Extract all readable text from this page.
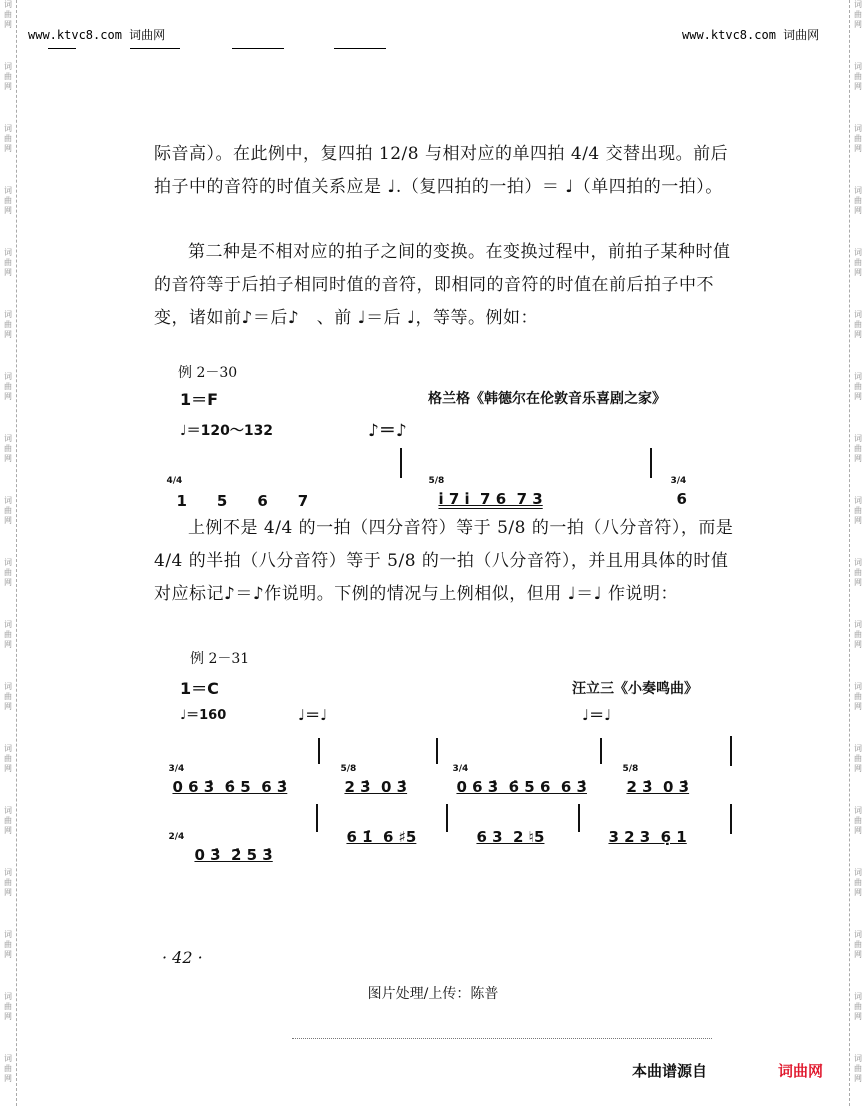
词
曲
网
词
曲
网
词
曲
网
词
曲
网
词
曲
网
词
曲
网
词
曲
网
词
曲
网
词
曲
网
词
曲
网
词
曲
网
词
曲
网
词
曲
网
词
曲
网
词
曲
网
词
曲
网
词
曲
网
词
曲
网
词
曲
网
词
曲
网
词
曲
网
词
曲
网
词
曲
网
词
曲
网
词
曲
网
词
曲
网
词
曲
网
词
曲
网
词
曲
网
词
曲
网
词
曲
网
词
曲
网
词
曲
网
词
曲
网
词
曲
网
词
曲
网
www.ktvc8.com 词曲网	www.ktvc8.com 词曲网

际音高）。在此例中，复四拍 12/8 与相对应的单四拍 4/4 交替出现。前后拍子中的音符的时值关系应是 ♩.（复四拍的一拍）＝ ♩（单四拍的一拍）。

第二种是不相对应的拍子之间的变换。在变换过程中，前拍子某种时值的音符等于后拍子相同时值的音符，即相同的音符的时值在前后拍子中不变，诸如前♪＝后♪　、前 ♩＝后 ♩，等等。例如：

例 2－30
1＝F	格兰格《韩德尔在伦敦音乐喜剧之家》
♩＝120～132	♪＝♪

4/4
1　　5　　6　　7

5/8
i̇ 7 i̇  7 6  7 3

3/4
6

上例不是 4/4 的一拍（四分音符）等于 5/8 的一拍（八分音符），而是 4/4 的半拍（八分音符）等于 5/8 的一拍（八分音符），并且用具体的时值对应标记♪＝♪作说明。下例的情况与上例相似，但用 ♩＝♩ 作说明：

例 2－31
1＝C	汪立三《小奏鸣曲》
♩＝160	♩＝♩	♩＝♩

3/4
0 6 3̇  6̇ 5  6 3̇

5/8
2 3̇  0 3̇

3/4
0 6 3̇  6̇ 5 6  6 3̇

5/8
2 3̇  0 3̇

2/4
0 3̇  2̇ 5 3̇

6 1̇  6 ♯5	6 3  2 ♮5	3 2 3  6̣ 1

· 42 ·
图片处理/上传：陈普
本曲谱源自	词曲网
